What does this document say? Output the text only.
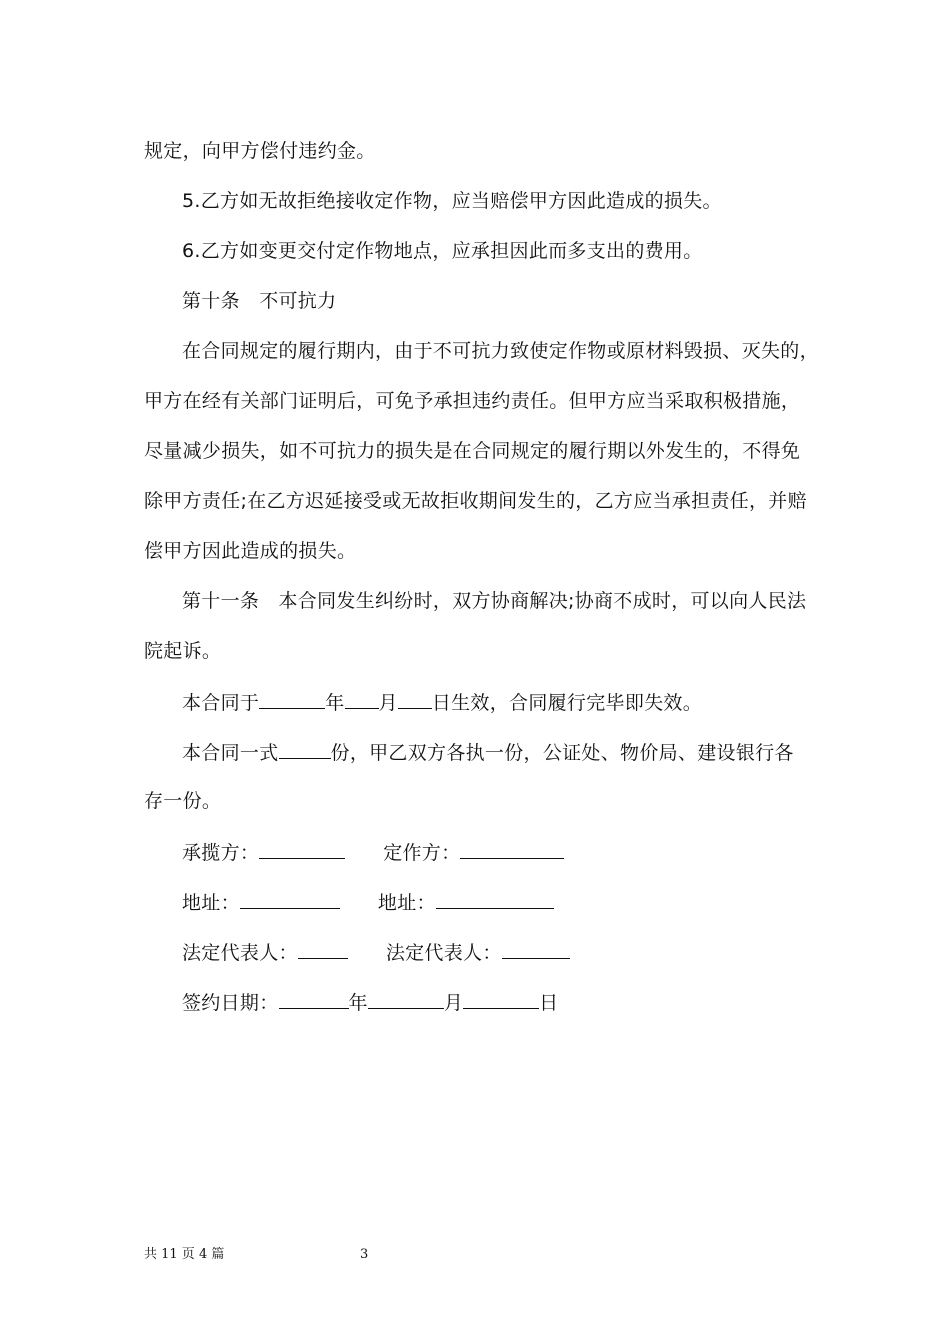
规定，向甲方偿付违约金。
5.乙方如无故拒绝接收定作物，应当赔偿甲方因此造成的损失。
6.乙方如变更交付定作物地点，应承担因此而多支出的费用。
第十条　不可抗力
在合同规定的履行期内，由于不可抗力致使定作物或原材料毁损、灭失的，
甲方在经有关部门证明后，可免予承担违约责任。但甲方应当采取积极措施，
尽量减少损失，如不可抗力的损失是在合同规定的履行期以外发生的，不得免
除甲方责任;在乙方迟延接受或无故拒收期间发生的，乙方应当承担责任，并赔
偿甲方因此造成的损失。
第十一条　本合同发生纠纷时，双方协商解决;协商不成时，可以向人民法
院起诉。
本合同于	年 月 日生效，合同履行完毕即失效。
本合同一式	份，甲乙双方各执一份，公证处、物价局、建设银行各
存一份。
承揽方：	定作方：
地址：	地址：
法定代表人：	法定代表人：
签约日期：	年	月	日
共 11 页 4 篇	3
